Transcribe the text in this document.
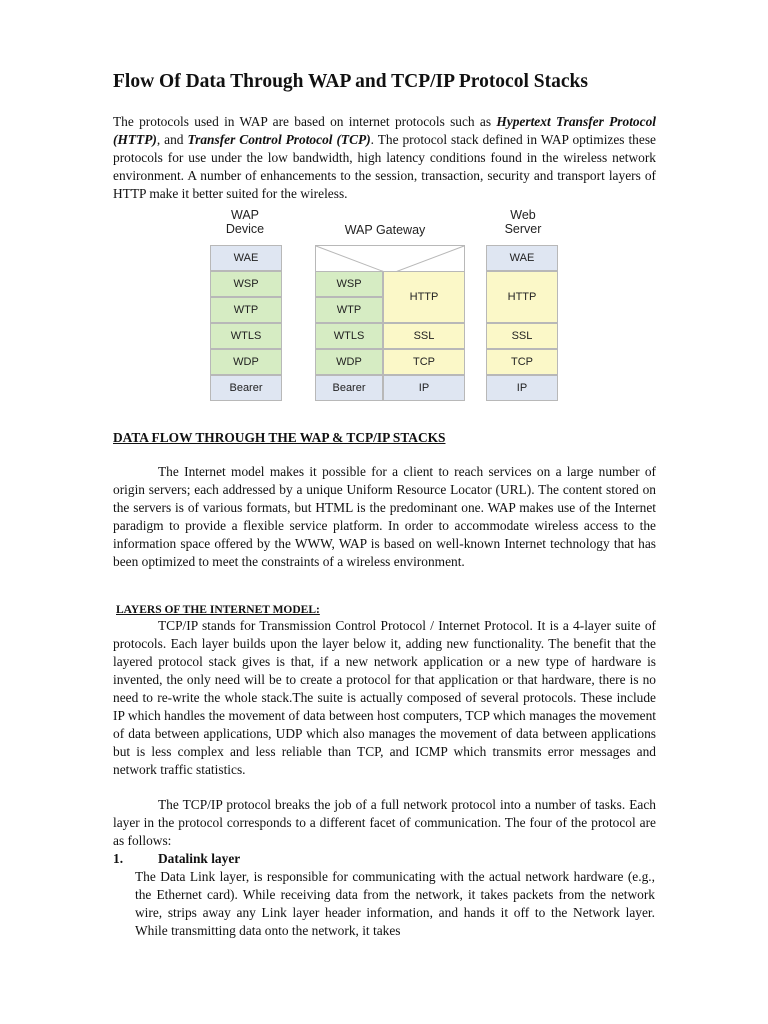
Flow Of Data Through WAP and TCP/IP Protocol Stacks
The protocols used in WAP are based on internet protocols such as Hypertext Transfer Protocol (HTTP), and Transfer Control Protocol (TCP). The protocol stack defined in WAP optimizes these protocols for use under the low bandwidth, high latency conditions found in the wireless network environment. A number of enhancements to the session, transaction, security and transport layers of HTTP make it better suited for the wireless.
WAP
Device	WAP Gateway
Web
Server
WAE
WSP
WTP
WTLS
WDP
Bearer
WSP
WTP
WTLS
WDP
Bearer
HTTP
SSL
TCP
IP
WAE
HTTP
SSL
TCP
IP
DATA FLOW THROUGH THE WAP & TCP/IP STACKS
The Internet model makes it possible for a client to reach services on a large number of origin servers; each addressed by a unique Uniform Resource Locator (URL). The content stored on the servers is of various formats, but HTML is the predominant one. WAP makes use of the Internet paradigm to provide a flexible service platform. In order to accommodate wireless access to the information space offered by the WWW, WAP is based on well-known Internet technology that has been optimized to meet the constraints of a wireless environment.
LAYERS OF THE INTERNET MODEL:
TCP/IP stands for Transmission Control Protocol / Internet Protocol. It is a 4-layer suite of protocols. Each layer builds upon the layer below it, adding new functionality. The benefit that the layered protocol stack gives is that, if a new network application or a new type of hardware is invented, the only need will be to create a protocol for that application or that hardware, there is no need to re-write the whole stack.The suite is actually composed of several protocols. These include IP which handles the movement of data between host computers, TCP which manages the movement of data between applications, UDP which also manages the movement of data between applications but is less complex and less reliable than TCP, and ICMP which transmits error messages and network traffic statistics.
The TCP/IP protocol breaks the job of a full network protocol into a number of tasks. Each layer in the protocol corresponds to a different facet of communication. The four of the protocol are as follows:
1.	Datalink layer
The Data Link layer, is responsible for communicating with the actual network hardware (e.g., the Ethernet card). While receiving data from the network, it takes packets from the network wire, strips away any Link layer header information, and hands it off to the Network layer. While transmitting data onto the network, it takes
